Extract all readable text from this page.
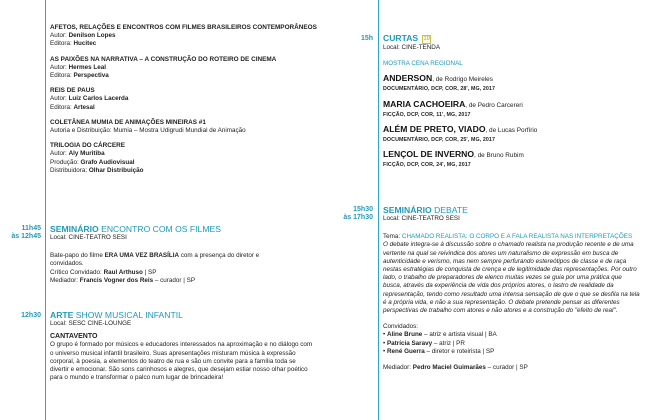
AFETOS, RELAÇÕES E ENCONTROS COM FILMES BRASILEIROS CONTEMPORÂNEOS
Autor: Denilson Lopes
Editora: Hucitec
AS PAIXÕES NA NARRATIVA – A CONSTRUÇÃO DO ROTEIRO DE CINEMA
Autor: Hermes Leal
Editora: Perspectiva
REIS DE PAUS
Autor: Luiz Carlos Lacerda
Editora: Artesal
COLETÂNEA MUMIA DE ANIMAÇÕES MINEIRAS #1
Autoria e Distribuição: Mumia – Mostra Udigrudi Mundial de Animação
TRILOGIA DO CÁRCERE
Autor: Aly Muritiba
Produção: Grafo Audiovisual
Distribuidora: Olhar Distribuição
11h45
às 12h45
SEMINÁRIO ENCONTRO COM OS FILMES
Local: CINE-TEATRO SESI
Bate-papo do filme ERA UMA VEZ BRASÍLIA com a presença do diretor e convidados.
Crítico Convidado: Raul Arthuso | SP
Mediador: Francis Vogner dos Reis – curador | SP
12h30 ARTE SHOW MUSICAL INFANTIL
Local: SESC CINE-LOUNGE
CANTAVENTO
O grupo é formado por músicos e educadores interessados na aproximação e no diálogo com o universo musical infantil brasileiro. Suas apresentações misturam música à expressão corporal, à poesia, a elementos do teatro de rua e são um convite para a família toda se divertir e emocionar. São sons carinhosos e alegres, que desejam estiar nosso olhar poético para o mundo e transformar o palco num lugar de brincadeira!
15h CURTAS 10
Local: CINE-TENDA
MOSTRA CENA REGIONAL
ANDERSON, de Rodrigo Meireles
DOCUMENTÁRIO, DCP, COR, 28', MG, 2017
MARIA CACHOEIRA, de Pedro Carcereri
FICÇÃO, DCP, COR, 11', MG, 2017
ALÉM DE PRETO, VIADO, de Lucas Porfírio
DOCUMENTÁRIO, DCP, COR, 25', MG, 2017
LENÇOL DE INVERNO, de Bruno Rubim
FICÇÃO, DCP, COR, 24', MG, 2017
15h30
às 17h30
SEMINÁRIO DEBATE
Local: CINE-TEATRO SESI
Tema: CHAMADO REALISTA: O CORPO E A FALA REALISTA NAS INTERPRETAÇÕES
O debate integra-se à discussão sobre o chamado realista na produção recente e de uma vertente na qual se reivindica dos atores um naturalismo de expressão em busca de autenticidade e verismo, mas nem sempre perfurando estereótipos de classe e de raça nestas estratégias de conquista de crença e de legitimidade das representações. Por outro lado, o trabalho de preparadores de elenco muitas vezes se guia por uma prática que busca, através da experiência de vida dos próprios atores, o lastro de realidade da representação, tendo como resultado uma intensa sensação de que o que se desfila na tela é a própria vida, e não a sua representação. O debate pretende pensar as diferentes perspectivas de trabalho com atores e não atores e a construção do "efeito de real".
Convidados:
• Aline Brune – atriz e artista visual | BA
• Patrícia Saravy – atriz | PR
• René Guerra – diretor e roteirista | SP
Mediador: Pedro Maciel Guimarães – curador | SP
